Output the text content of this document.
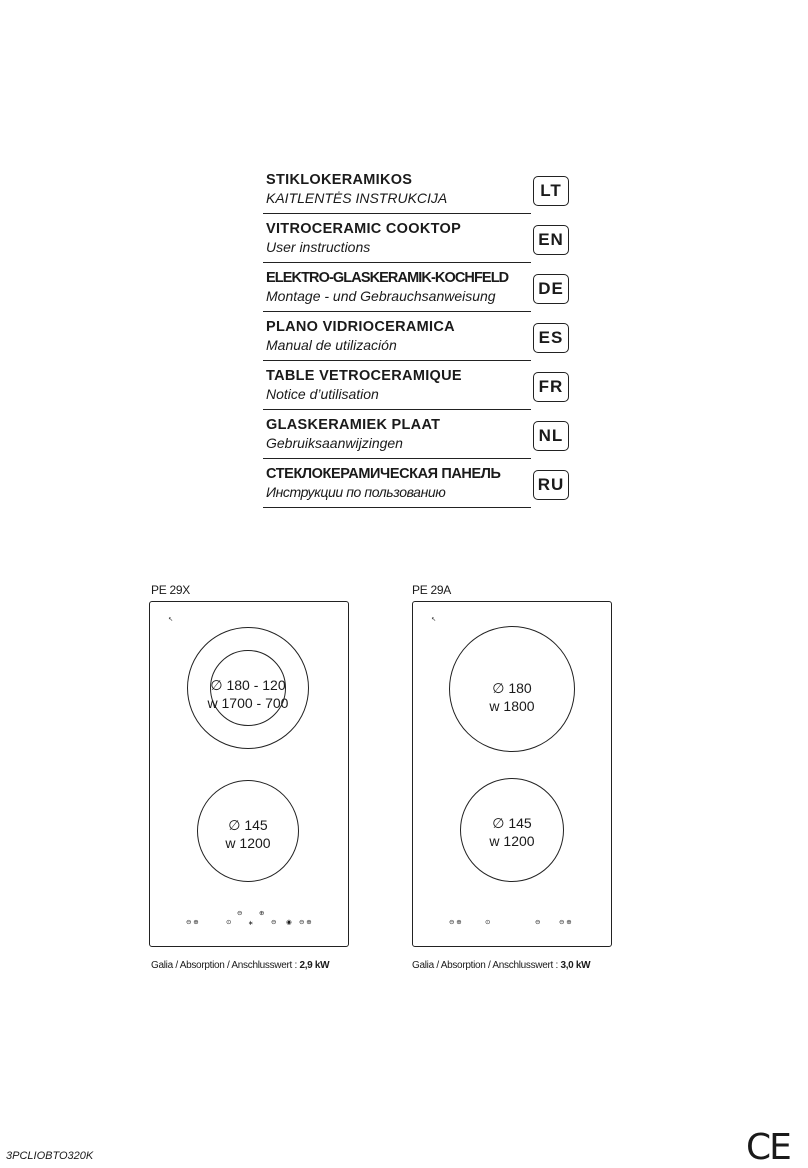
STIKLOKERAMIKOS
KAITLENTĖS INSTRUKCIJA	LT
VITROCERAMIC COOKTOP
User instructions	EN
ELEKTRO-GLASKERAMIK-KOCHFELD
Montage - und Gebrauchsanweisung	DE
PLANO VIDRIOCERAMICA
Manual de utilización	ES
TABLE VETROCERAMIQUE
Notice d’utilisation	FR
GLASKERAMIEK PLAAT
Gebruiksaanwijzingen	NL
СТЕКЛОКЕРАМИЧЕСКАЯ ПАНЕЛЬ
Инструкции по пользованию	RU
PE 29X
↖
∅ 180 - 120
w 1700 - 700
∅ 145
w 1200
⊖ ⊕	⊙
⊖
∗
⊕
⊖ ◉ ⊖ ⊕
Galia / Absorption / Anschlusswert : 2,9 kW
PE 29A
↖
∅ 180
w 1800
∅ 145
w 1200
⊖ ⊕	⊙	⊖	⊖ ⊕
Galia / Absorption / Anschlusswert : 3,0 kW
3PCLIOBTO320K	CE
